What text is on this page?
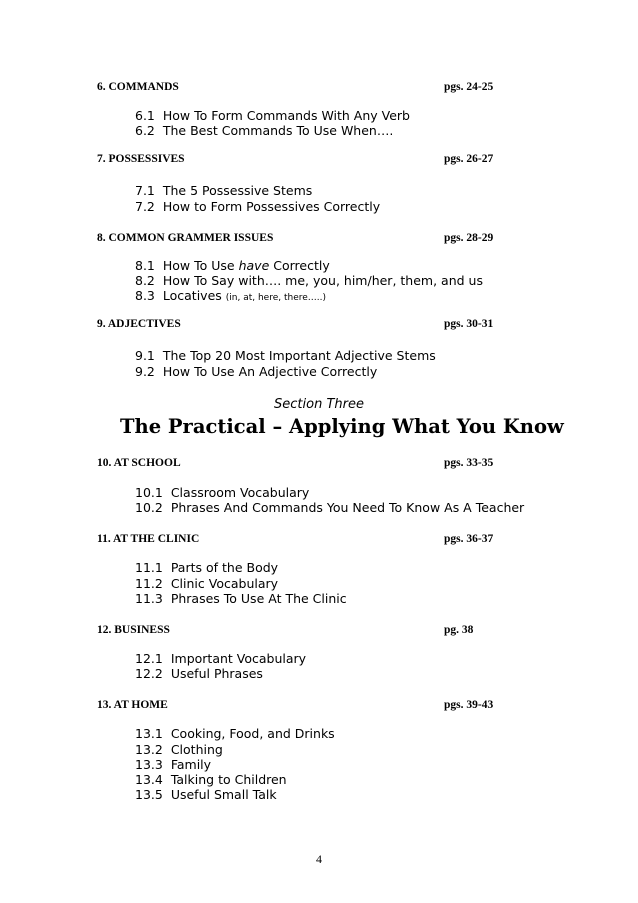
6. COMMANDS	pgs. 24-25
6.1 How To Form Commands With Any Verb
6.2 The Best Commands To Use When….
7. POSSESSIVES	pgs. 26-27
7.1 The 5 Possessive Stems
7.2 How to Form Possessives Correctly
8. COMMON GRAMMER ISSUES	pgs. 28-29
8.1 How To Use have Correctly
8.2 How To Say with…. me, you, him/her, them, and us
8.3 Locatives (in, at, here, there…..)
9. ADJECTIVES	pgs. 30-31
9.1 The Top 20 Most Important Adjective Stems
9.2 How To Use An Adjective Correctly
Section Three
The Practical – Applying What You Know
10. AT SCHOOL	pgs. 33-35
10.1 Classroom Vocabulary
10.2 Phrases And Commands You Need To Know As A Teacher
11. AT THE CLINIC	pgs. 36-37
11.1 Parts of the Body
11.2 Clinic Vocabulary
11.3 Phrases To Use At The Clinic
12. BUSINESS	pg. 38
12.1 Important Vocabulary
12.2 Useful Phrases
13. AT HOME	pgs. 39-43
13.1 Cooking, Food, and Drinks
13.2 Clothing
13.3 Family
13.4 Talking to Children
13.5 Useful Small Talk
4
